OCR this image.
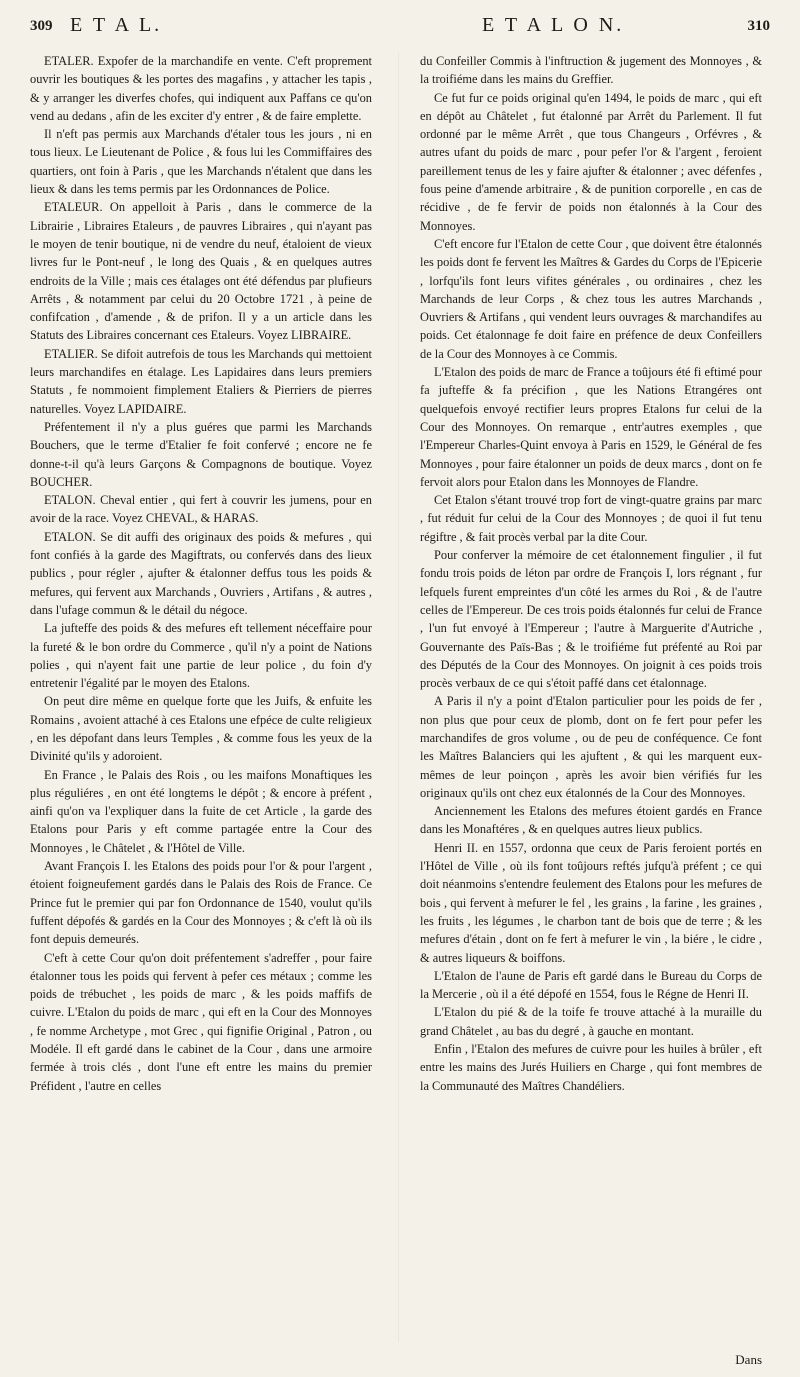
309 E T A L.	E T A L O N.	310

ETALER. Expofer de la marchandife en vente. C'eft proprement ouvrir les boutiques & les portes des magafins , y attacher les tapis , & y arranger les diverfes chofes, qui indiquent aux Paffans ce qu'on vend au dedans , afin de les exciter d'y entrer , & de faire emplette.

Il n'eft pas permis aux Marchands d'étaler tous les jours , ni en tous lieux. Le Lieutenant de Police , & fous lui les Commiffaires des quartiers, ont foin à Paris , que les Marchands n'étalent que dans les lieux & dans les tems permis par les Ordonnances de Police.

ETALEUR. On appelloit à Paris , dans le commerce de la Librairie , Libraires Etaleurs , de pauvres Libraires , qui n'ayant pas le moyen de tenir boutique, ni de vendre du neuf, étaloient de vieux livres fur le Pont-neuf , le long des Quais , & en quelques autres endroits de la Ville ; mais ces étalages ont été défendus par plufieurs Arrêts , & notamment par celui du 20 Octobre 1721 , à peine de confifcation , d'amende , & de prifon. Il y a un article dans les Statuts des Libraires concernant ces Etaleurs. Voyez LIBRAIRE.

ETALIER. Se difoit autrefois de tous les Marchands qui mettoient leurs marchandifes en étalage. Les Lapidaires dans leurs premiers Statuts , fe nommoient fimplement Etaliers & Pierriers de pierres naturelles. Voyez LAPIDAIRE.

Préfentement il n'y a plus guéres que parmi les Marchands Bouchers, que le terme d'Etalier fe foit confervé ; encore ne fe donne-t-il qu'à leurs Garçons & Compagnons de boutique. Voyez BOUCHER.

ETALON. Cheval entier , qui fert à couvrir les jumens, pour en avoir de la race. Voyez CHEVAL, & HARAS.

ETALON. Se dit auffi des originaux des poids & mefures , qui font confiés à la garde des Magiftrats, ou confervés dans des lieux publics , pour régler , ajufter & étalonner deffus tous les poids & mefures, qui fervent aux Marchands , Ouvriers , Artifans , & autres , dans l'ufage commun & le détail du négoce.

La jufteffe des poids & des mefures eft tellement néceffaire pour la fureté & le bon ordre du Commerce , qu'il n'y a point de Nations polies , qui n'ayent fait une partie de leur police , du foin d'y entretenir l'égalité par le moyen des Etalons.

On peut dire même en quelque forte que les Juifs, & enfuite les Romains , avoient attaché à ces Etalons une efpéce de culte religieux , en les dépofant dans leurs Temples , & comme fous les yeux de la Divinité qu'ils y adoroient.

En France , le Palais des Rois , ou les maifons Monaftiques les plus réguliéres , en ont été longtems le dépôt ; & encore à préfent , ainfi qu'on va l'expliquer dans la fuite de cet Article , la garde des Etalons pour Paris y eft comme partagée entre la Cour des Monnoyes , le Châtelet , & l'Hôtel de Ville.

Avant François I. les Etalons des poids pour l'or & pour l'argent , étoient foigneufement gardés dans le Palais des Rois de France. Ce Prince fut le premier qui par fon Ordonnance de 1540, voulut qu'ils fuffent dépofés & gardés en la Cour des Monnoyes ; & c'eft là où ils font depuis demeurés.

C'eft à cette Cour qu'on doit préfentement s'adreffer , pour faire étalonner tous les poids qui fervent à pefer ces métaux ; comme les poids de trébuchet , les poids de marc , & les poids maffifs de cuivre. L'Etalon du poids de marc , qui eft en la Cour des Monnoyes , fe nomme Archetype , mot Grec , qui fignifie Original , Patron , ou Modéle. Il eft gardé dans le cabinet de la Cour , dans une armoire fermée à trois clés , dont l'une eft entre les mains du premier Préfident , l'autre en celles

du Confeiller Commis à l'inftruction & jugement des Monnoyes , & la troifiéme dans les mains du Greffier.

Ce fut fur ce poids original qu'en 1494, le poids de marc , qui eft en dépôt au Châtelet , fut étalonné par Arrêt du Parlement. Il fut ordonné par le même Arrêt , que tous Changeurs , Orfévres , & autres ufant du poids de marc , pour pefer l'or & l'argent , feroient pareillement tenus de les y faire ajufter & étalonner ; avec défenfes , fous peine d'amende arbitraire , & de punition corporelle , en cas de récidive , de fe fervir de poids non étalonnés à la Cour des Monnoyes.

C'eft encore fur l'Etalon de cette Cour , que doivent être étalonnés les poids dont fe fervent les Maîtres & Gardes du Corps de l'Epicerie , lorfqu'ils font leurs vifites générales , ou ordinaires , chez les Marchands de leur Corps , & chez tous les autres Marchands , Ouvriers & Artifans , qui vendent leurs ouvrages & marchandifes au poids. Cet étalonnage fe doit faire en préfence de deux Confeillers de la Cour des Monnoyes à ce Commis.

L'Etalon des poids de marc de France a toûjours été fi eftimé pour fa jufteffe & fa précifion , que les Nations Etrangéres ont quelquefois envoyé rectifier leurs propres Etalons fur celui de la Cour des Monnoyes. On remarque , entr'autres exemples , que l'Empereur Charles-Quint envoya à Paris en 1529, le Général de fes Monnoyes , pour faire étalonner un poids de deux marcs , dont on fe fervoit alors pour Etalon dans les Monnoyes de Flandre.

Cet Etalon s'étant trouvé trop fort de vingt-quatre grains par marc , fut réduit fur celui de la Cour des Monnoyes ; de quoi il fut tenu régiftre , & fait procès verbal par la dite Cour.

Pour conferver la mémoire de cet étalonnement fingulier , il fut fondu trois poids de léton par ordre de François I, lors régnant , fur lefquels furent empreintes d'un côté les armes du Roi , & de l'autre celles de l'Empereur. De ces trois poids étalonnés fur celui de France , l'un fut envoyé à l'Empereur ; l'autre à Marguerite d'Autriche , Gouvernante des Païs-Bas ; & le troifiéme fut préfenté au Roi par des Députés de la Cour des Monnoyes. On joignit à ces poids trois procès verbaux de ce qui s'étoit paffé dans cet étalonnage.

A Paris il n'y a point d'Etalon particulier pour les poids de fer , non plus que pour ceux de plomb, dont on fe fert pour pefer les marchandifes de gros volume , ou de peu de conféquence. Ce font les Maîtres Balanciers qui les ajuftent , & qui les marquent eux-mêmes de leur poinçon , après les avoir bien vérifiés fur les originaux qu'ils ont chez eux étalonnés de la Cour des Monnoyes.

Anciennement les Etalons des mefures étoient gardés en France dans les Monaftéres , & en quelques autres lieux publics.

Henri II. en 1557, ordonna que ceux de Paris feroient portés en l'Hôtel de Ville , où ils font toûjours reftés jufqu'à préfent ; ce qui doit néanmoins s'entendre feulement des Etalons pour les mefures de bois , qui fervent à mefurer le fel , les grains , la farine , les graines , les fruits , les légumes , le charbon tant de bois que de terre ; & les mefures d'étain , dont on fe fert à mefurer le vin , la biére , le cidre , & autres liqueurs & boiffons.

L'Etalon de l'aune de Paris eft gardé dans le Bureau du Corps de la Mercerie , où il a été dépofé en 1554, fous le Régne de Henri II.

L'Etalon du pié & de la toife fe trouve attaché à la muraille du grand Châtelet , au bas du degré , à gauche en montant.

Enfin , l'Etalon des mefures de cuivre pour les huiles à brûler , eft entre les mains des Jurés Huiliers en Charge , qui font membres de la Communauté des Maîtres Chandéliers.

Dans
